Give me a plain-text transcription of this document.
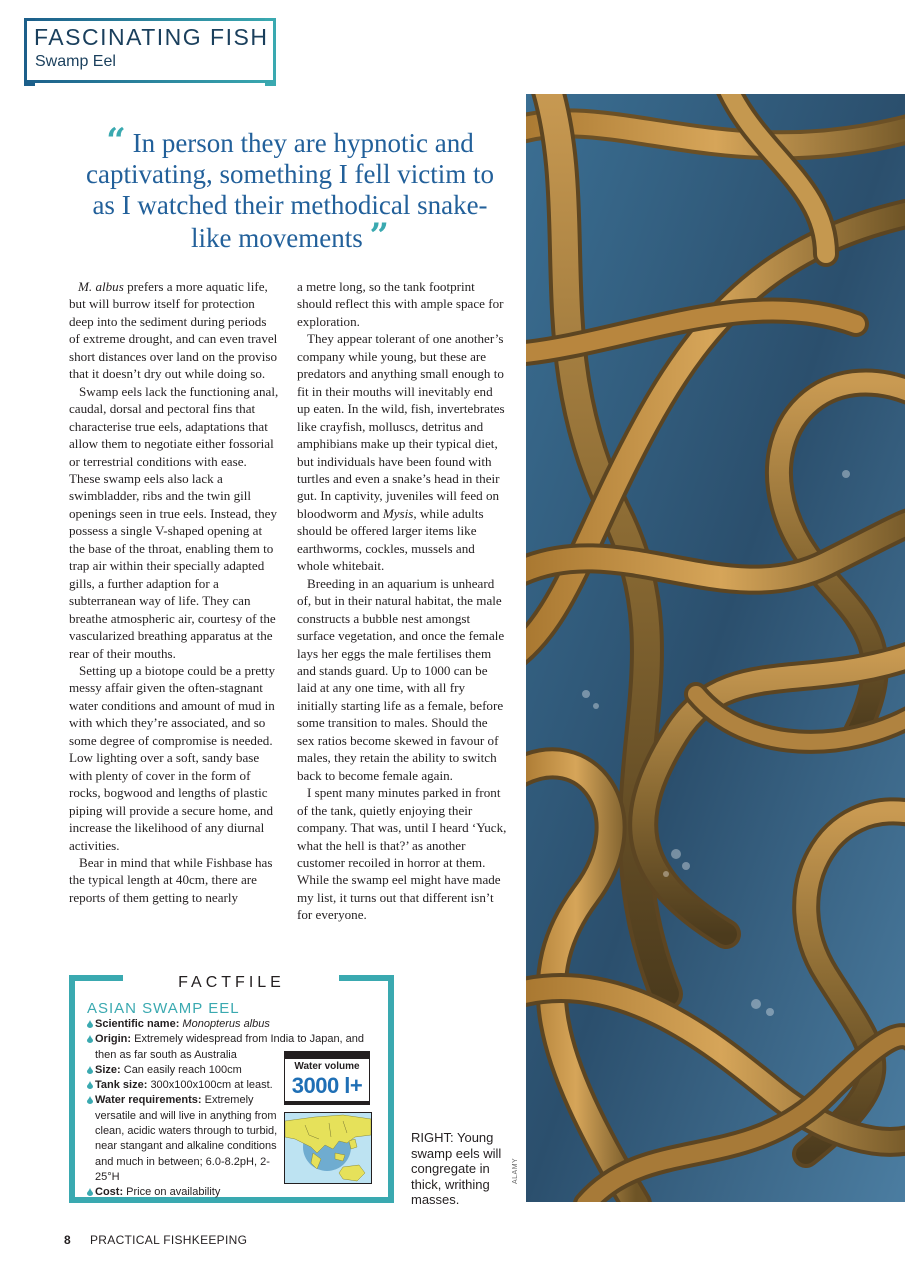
FASCINATING FISH
Swamp Eel
“ In person they are hypnotic and captivating, something I fell victim to as I watched their methodical snake-like movements ”

M. albus prefers a more aquatic life, but will burrow itself for protection deep into the sediment during periods of extreme drought, and can even travel short distances over land on the proviso that it doesn’t dry out while doing so.

Swamp eels lack the functioning anal, caudal, dorsal and pectoral fins that characterise true eels, adaptations that allow them to negotiate either fossorial or terrestrial conditions with ease. These swamp eels also lack a swimbladder, ribs and the twin gill openings seen in true eels. Instead, they possess a single V-shaped opening at the base of the throat, enabling them to trap air within their specially adapted gills, a further adaption for a subterranean way of life. They can breathe atmospheric air, courtesy of the vascularized breathing apparatus at the rear of their mouths.

Setting up a biotope could be a pretty messy affair given the often-stagnant water conditions and amount of mud in with which they’re associated, and so some degree of compromise is needed. Low lighting over a soft, sandy base with plenty of cover in the form of rocks, bogwood and lengths of plastic piping will provide a secure home, and increase the likelihood of any diurnal activities.

Bear in mind that while Fishbase has the typical length at 40cm, there are reports of them getting to nearly

a metre long, so the tank footprint should reflect this with ample space for exploration.

They appear tolerant of one another’s company while young, but these are predators and anything small enough to fit in their mouths will inevitably end up eaten. In the wild, fish, invertebrates like crayfish, molluscs, detritus and amphibians make up their typical diet, but individuals have been found with turtles and even a snake’s head in their gut. In captivity, juveniles will feed on bloodworm and Mysis, while adults should be offered larger items like earthworms, cockles, mussels and whole whitebait.

Breeding in an aquarium is unheard of, but in their natural habitat, the male constructs a bubble nest amongst surface vegetation, and once the female lays her eggs the male fertilises them and stands guard. Up to 1000 can be laid at any one time, with all fry initially starting life as a female, before some transition to males. Should the sex ratios become skewed in favour of males, they retain the ability to switch back to become female again.

I spent many minutes parked in front of the tank, quietly enjoying their company. That was, until I heard ‘Yuck, what the hell is that?’ as another customer recoiled in horror at them. While the swamp eel might have made my list, it turns out that different isn’t for everyone.

ALAMY
RIGHT: Young swamp eels will congregate in thick, writhing masses.
FACTFILE
ASIAN SWAMP EEL
Scientific name: Monopterus albus
Origin: Extremely widespread from India to Japan, and then as far south as Australia
Size: Can easily reach 100cm
Tank size: 300x100x100cm at least.
Water requirements: Extremely versatile and will live in anything from clean, acidic waters through to turbid, near stangant and alkaline conditions and much in between; 6.0-8.2pH, 2-25°H
Cost: Price on availability
Water volume
3000 l+
8 PRACTICAL FISHKEEPING
